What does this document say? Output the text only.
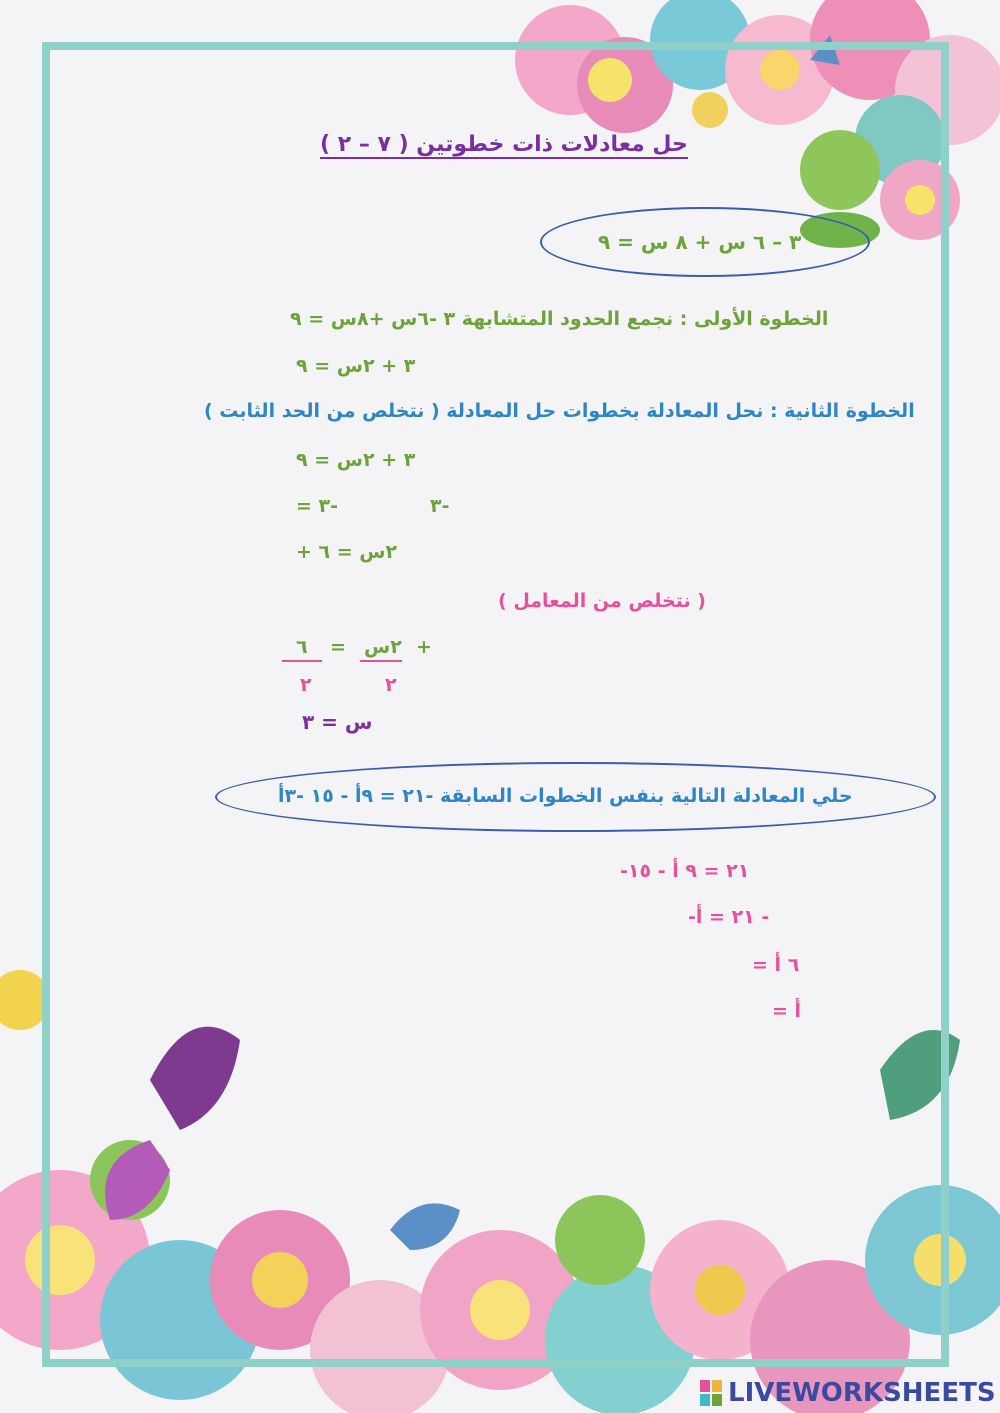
( ٧ – ٢ ) حل معادلات ذات خطوتين
٣ – ٦ س + ٨ س = ٩
الخطوة الأولى : نجمع الحدود المتشابهة ٣ -٦س +٨س = ٩
٣ + ٢س = ٩
الخطوة الثانية : نحل المعادلة بخطوات حل المعادلة ( نتخلص من الحد الثابت )
٣ + ٢س = ٩
٣-
= ٣-
+ ٢س = ٦
( نتخلص من المعامل )
+
٢س
=
٦
٢
٢
س = ٣
حلي المعادلة التالية بنفس الخطوات السابقة -٢١ = ٩أ - ١٥ -٣أ
-٢١ = ٩ أ - ١٥
-٢١ = أ -
= ٦ أ
= أ
LIVEWORKSHEETS
